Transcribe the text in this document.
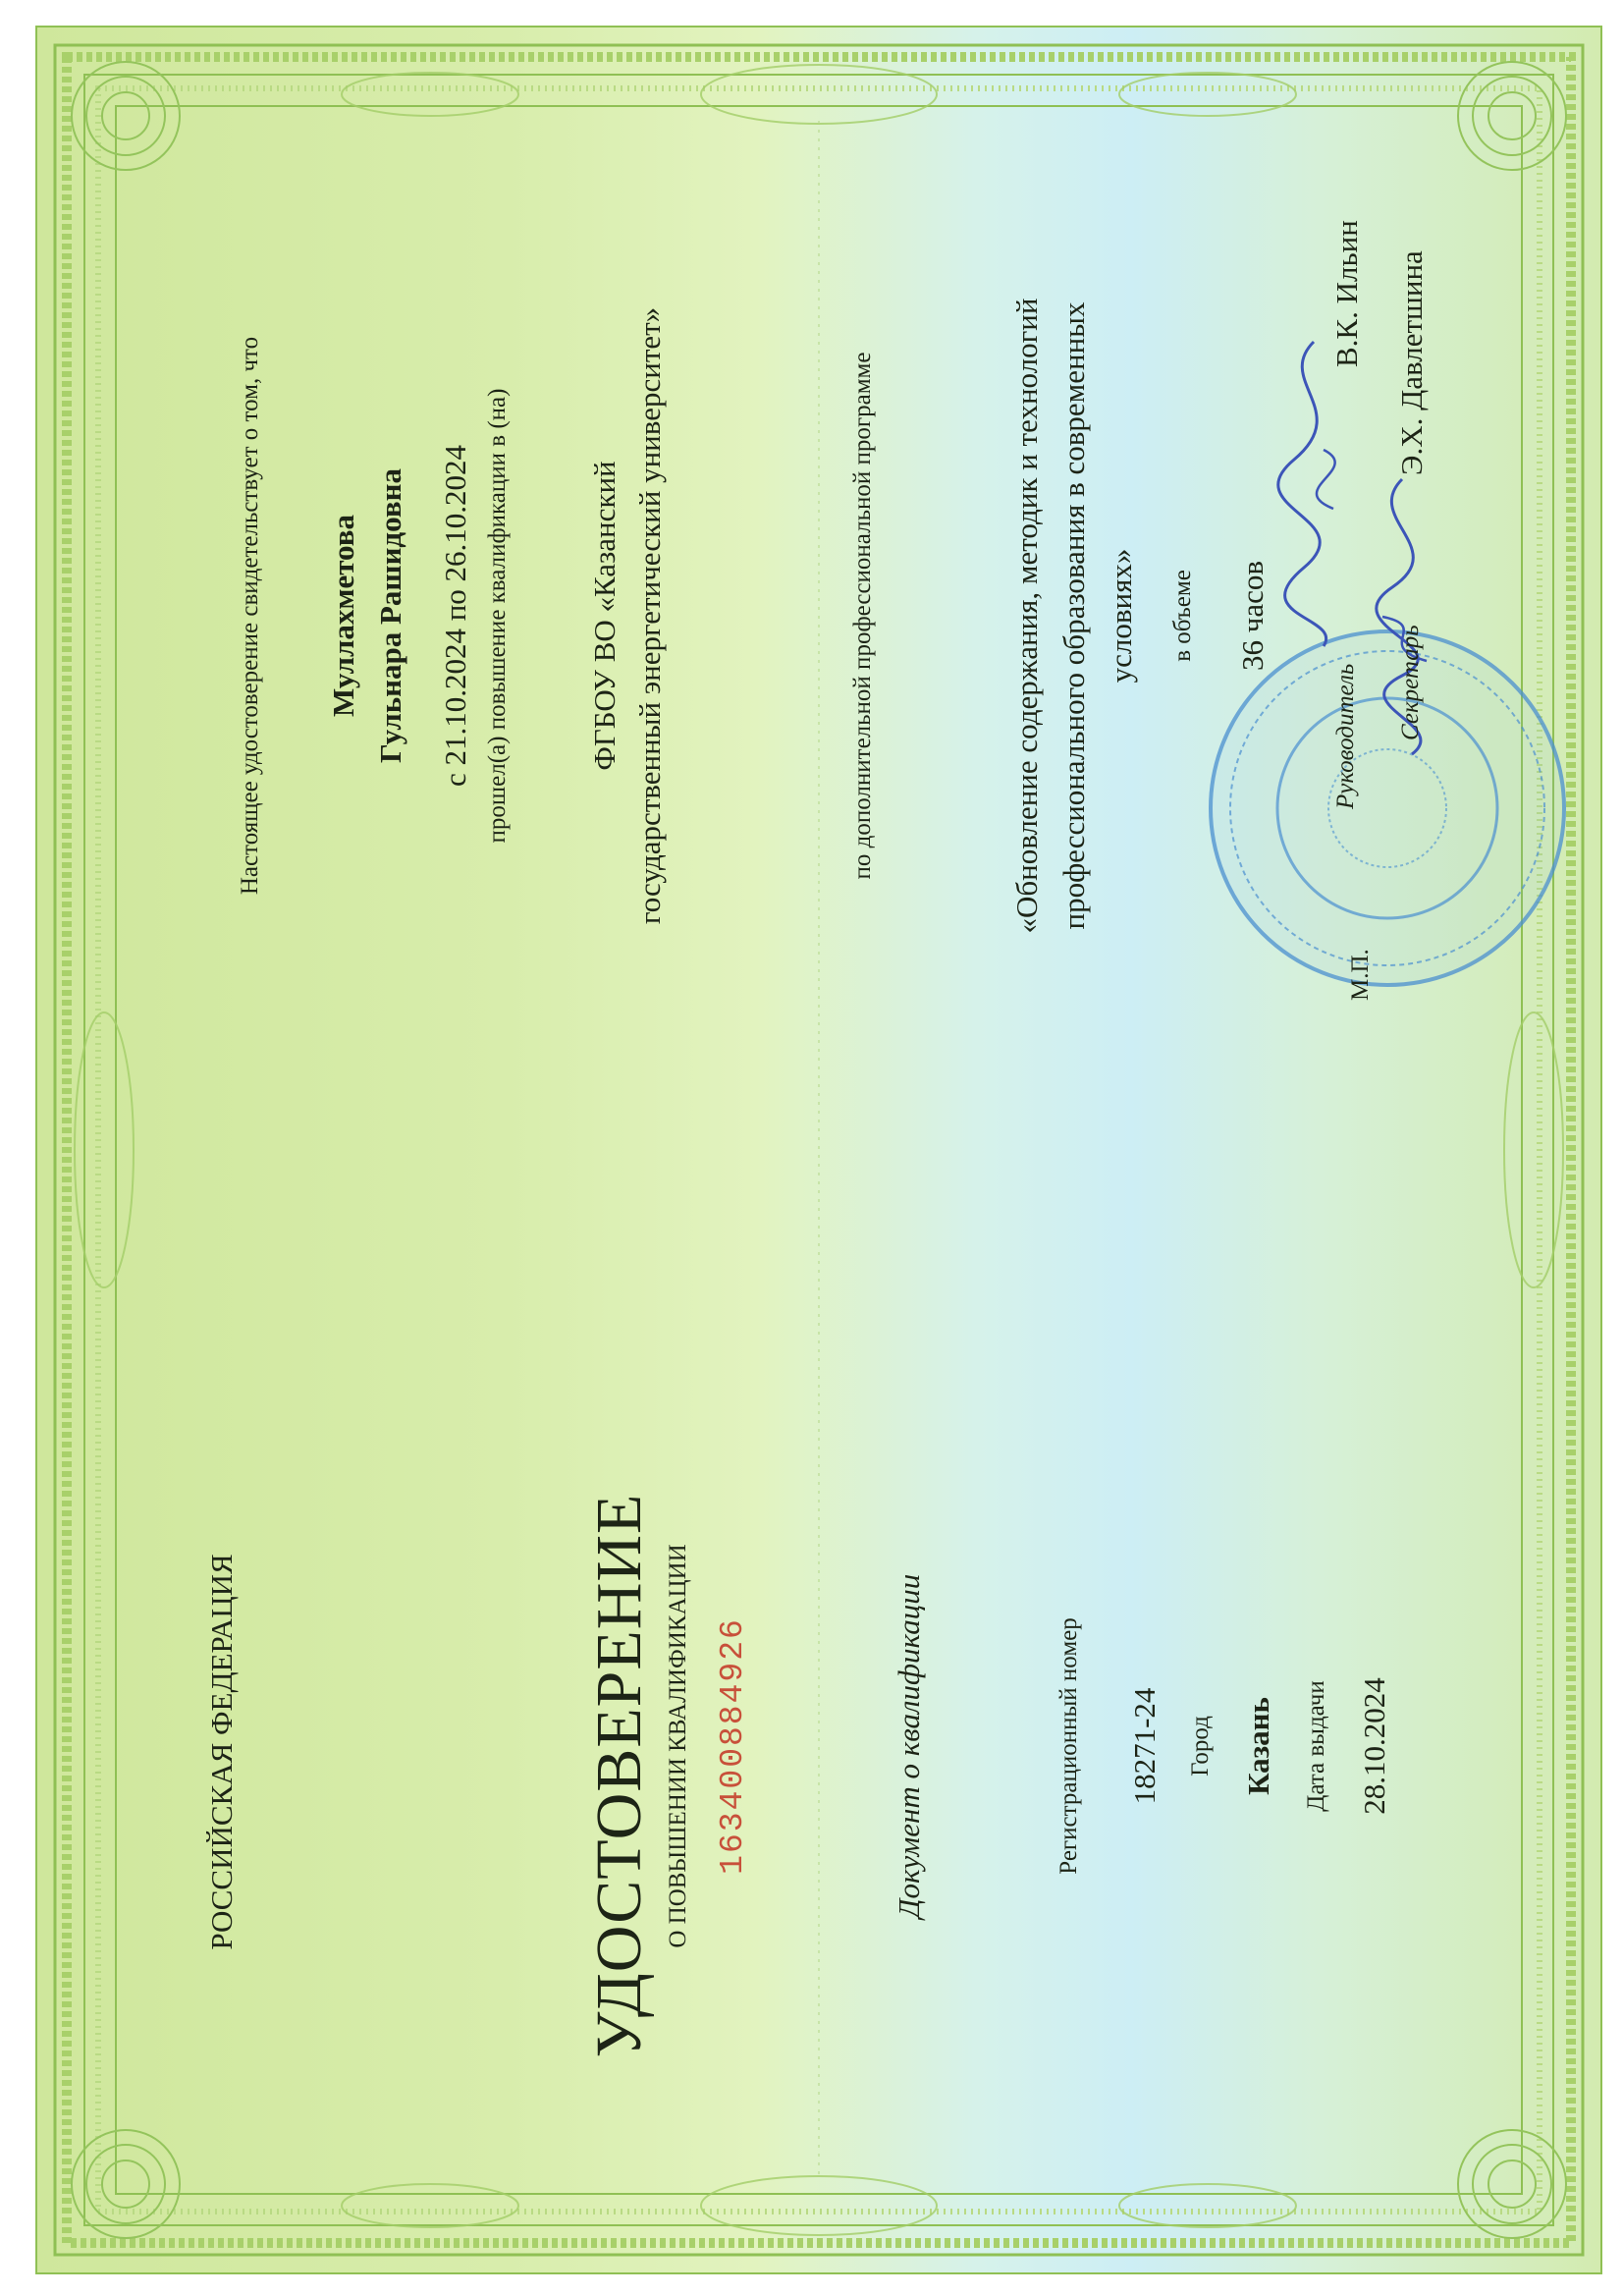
РОССИЙСКАЯ ФЕДЕРАЦИЯ	УДОСТОВЕРЕНИЕ О ПОВЫШЕНИИ КВАЛИФИКАЦИИ 163400884926	Документ о квалификации	Регистрационный номер 18271-24 Город Казань Дата выдачи 28.10.2024
Настоящее удостоверение свидетельствует о том, что Муллахметова Гульнара Рашидовна с 21.10.2024 по 26.10.2024 прошел(а) повышение квалификации в (на)	ФГБОУ ВО «Казанский государственный энергетический университет»	по дополнительной профессиональной программе	«Обновление содержания, методик и технологий профессионального образования в современных условиях» в объеме 36 часов
М.П.
Руководитель
В.К. Ильин
Секретарь
Э.Х. Давлетшина
